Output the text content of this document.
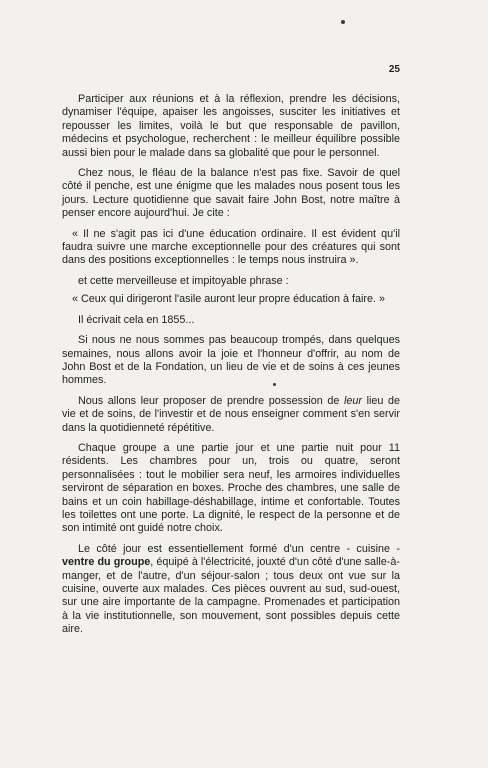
25

Participer aux réunions et à la réflexion, prendre les décisions, dynamiser l'équipe, apaiser les angoisses, susciter les initiatives et repousser les limites, voilà le but que responsable de pavillon, médecins et psychologue, recherchent : le meilleur équilibre possible aussi bien pour le malade dans sa globalité que pour le personnel.

Chez nous, le fléau de la balance n'est pas fixe. Savoir de quel côté il penche, est une énigme que les malades nous posent tous les jours. Lecture quotidienne que savait faire John Bost, notre maître à penser encore aujourd'hui. Je cite :

« Il ne s'agit pas ici d'une éducation ordinaire. Il est évident qu'il faudra suivre une marche exceptionnelle pour des créatures qui sont dans des positions exceptionnelles : le temps nous instruira ».

et cette merveilleuse et impitoyable phrase :

« Ceux qui dirigeront l'asile auront leur propre éducation à faire. »

Il écrivait cela en 1855...

Si nous ne nous sommes pas beaucoup trompés, dans quelques semaines, nous allons avoir la joie et l'honneur d'offrir, au nom de John Bost et de la Fondation, un lieu de vie et de soins à ces jeunes hommes.

Nous allons leur proposer de prendre possession de leur lieu de vie et de soins, de l'investir et de nous enseigner comment s'en servir dans la quotidienneté répétitive.

Chaque groupe a une partie jour et une partie nuit pour 11 résidents. Les chambres pour un, trois ou quatre, seront personnalisées : tout le mobilier sera neuf, les armoires individuelles serviront de séparation en boxes. Proche des chambres, une salle de bains et un coin habillage-déshabillage, intime et confortable. Toutes les toilettes ont une porte. La dignité, le respect de la personne et de son intimité ont guidé notre choix.

Le côté jour est essentiellement formé d'un centre - cuisine - ventre du groupe, équipé à l'électricité, jouxté d'un côté d'une salle-à-manger, et de l'autre, d'un séjour-salon ; tous deux ont vue sur la cuisine, ouverte aux malades. Ces pièces ouvrent au sud, sud-ouest, sur une aire importante de la campagne. Promenades et participation à la vie institutionnelle, son mouvement, sont possibles depuis cette aire.
